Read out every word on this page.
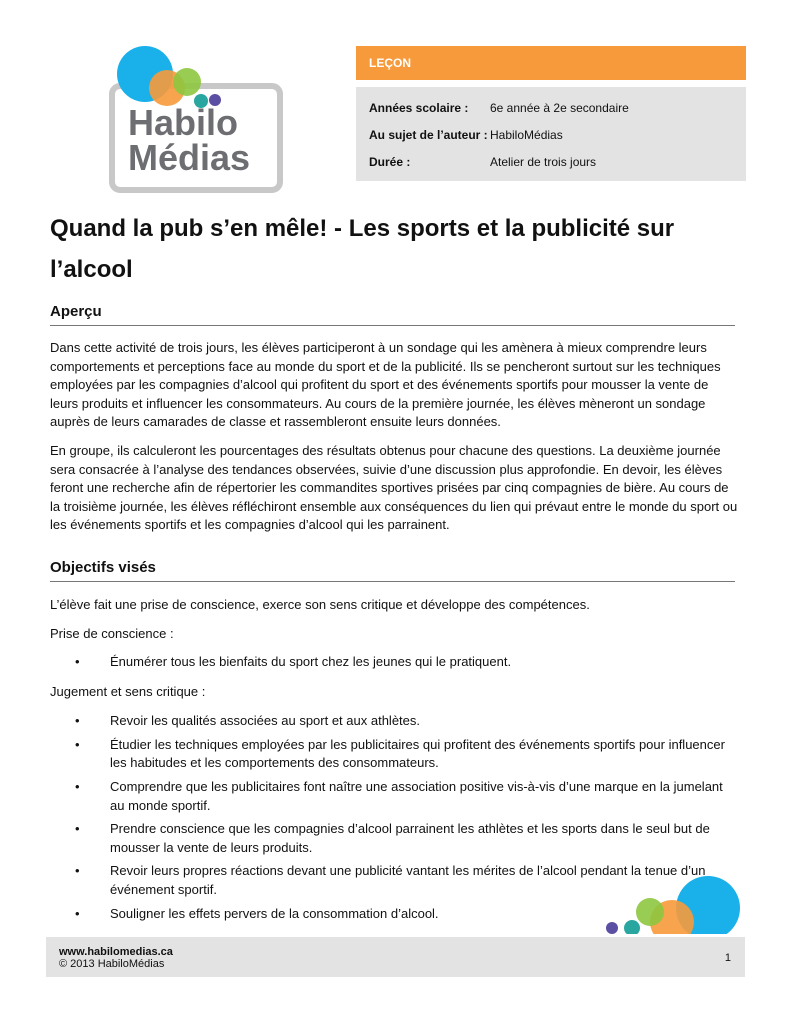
Habilo
Médias
LEÇON
Années scolaire : 6e année à 2e secondaire
Au sujet de l’auteur : HabiloMédias
Durée :	Atelier de trois jours
Quand la pub s’en mêle! - Les sports et la publicité sur
l’alcool
Aperçu

Dans cette activité de trois jours, les élèves participeront à un sondage qui les amènera à mieux comprendre leurs comportements et perceptions face au monde du sport et de la publicité. Ils se pencheront surtout sur les techniques employées par les compagnies d’alcool qui profitent du sport et des événements sportifs pour mousser la vente de leurs produits et influencer les consommateurs. Au cours de la première journée, les élèves mèneront un sondage auprès de leurs camarades de classe et rassembleront ensuite leurs données.

En groupe, ils calculeront les pourcentages des résultats obtenus pour chacune des questions. La deuxième journée sera consacrée à l’analyse des tendances observées, suivie d’une discussion plus approfondie. En devoir, les élèves feront une recherche afin de répertorier les commandites sportives prisées par cinq compagnies de bière. Au cours de la troisième journée, les élèves réfléchiront ensemble aux conséquences du lien qui prévaut entre le monde du sport ou les événements sportifs et les compagnies d’alcool qui les parrainent.

Objectifs visés

L’élève fait une prise de conscience, exerce son sens critique et développe des compétences.

Prise de conscience :

• Énumérer tous les bienfaits du sport chez les jeunes qui le pratiquent.
Jugement et sens critique :
• Revoir les qualités associées au sport et aux athlètes.
• Étudier les techniques employées par les publicitaires qui profitent des événements sportifs pour influencer les habitudes et les comportements des consommateurs.
• Comprendre que les publicitaires font naître une association positive vis-à-vis d’une marque en la jumelant au monde sportif.
• Prendre conscience que les compagnies d’alcool parrainent les athlètes et les sports dans le seul but de mousser la vente de leurs produits.
• Revoir leurs propres réactions devant une publicité vantant les mérites de l’alcool pendant la tenue d’un événement sportif.
• Souligner les effets pervers de la consommation d’alcool.
www.habilomedias.ca
© 2013 HabiloMédias	1
